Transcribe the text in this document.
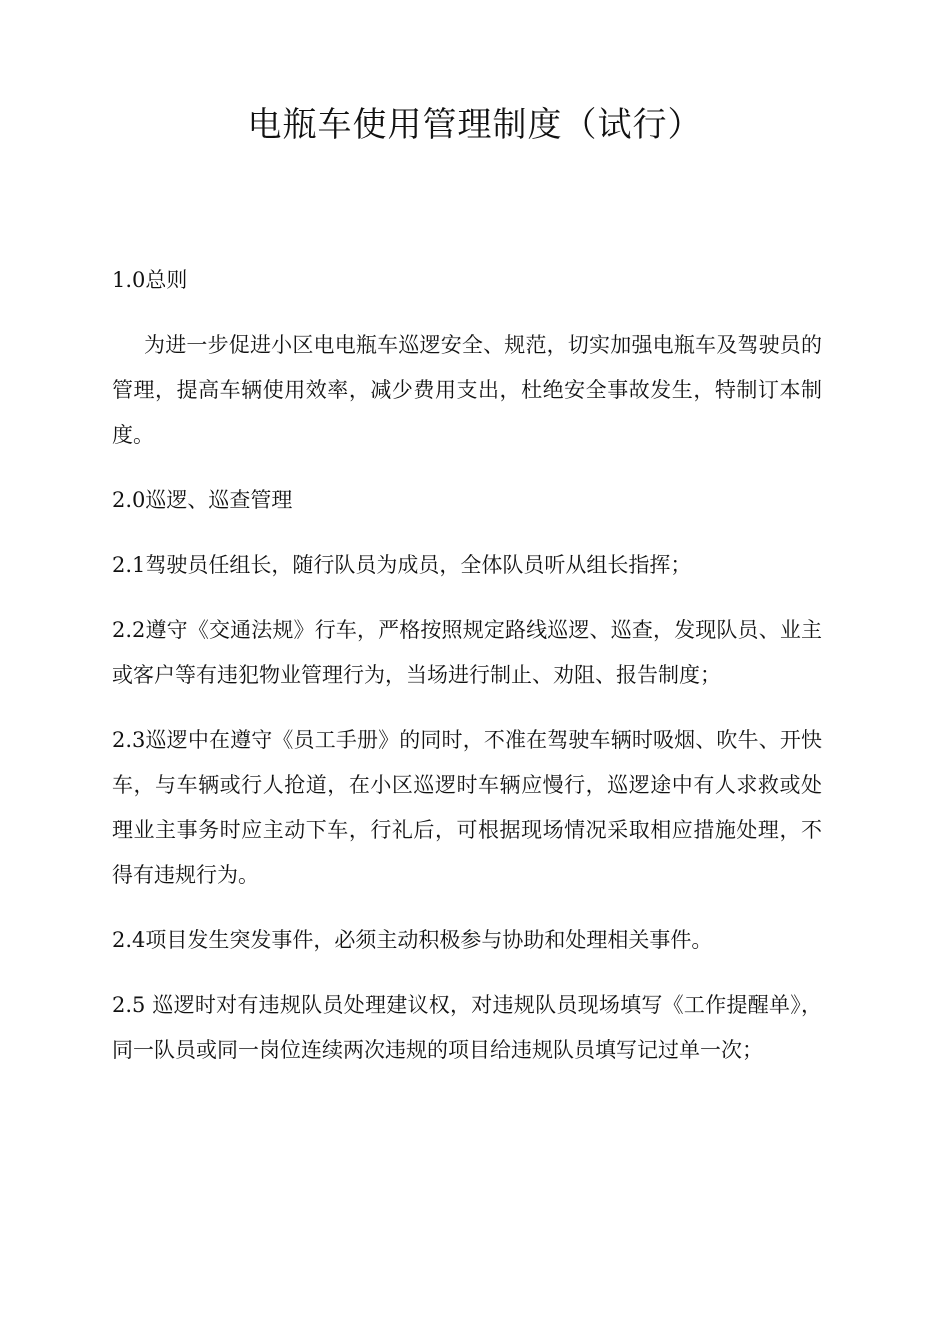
电瓶车使用管理制度（试行）

1.0总则

为进一步促进小区电电瓶车巡逻安全、规范，切实加强电瓶车及驾驶员的管理，提高车辆使用效率，减少费用支出，杜绝安全事故发生，特制订本制度。

2.0巡逻、巡查管理

2.1驾驶员任组长，随行队员为成员，全体队员听从组长指挥；

2.2遵守《交通法规》行车，严格按照规定路线巡逻、巡查，发现队员、业主或客户等有违犯物业管理行为，当场进行制止、劝阻、报告制度；

2.3巡逻中在遵守《员工手册》的同时，不准在驾驶车辆时吸烟、吹牛、开快车，与车辆或行人抢道，在小区巡逻时车辆应慢行，巡逻途中有人求救或处理业主事务时应主动下车，行礼后，可根据现场情况采取相应措施处理，不得有违规行为。

2.4项目发生突发事件，必须主动积极参与协助和处理相关事件。

2.5 巡逻时对有违规队员处理建议权，对违规队员现场填写《工作提醒单》，同一队员或同一岗位连续两次违规的项目给违规队员填写记过单一次；
